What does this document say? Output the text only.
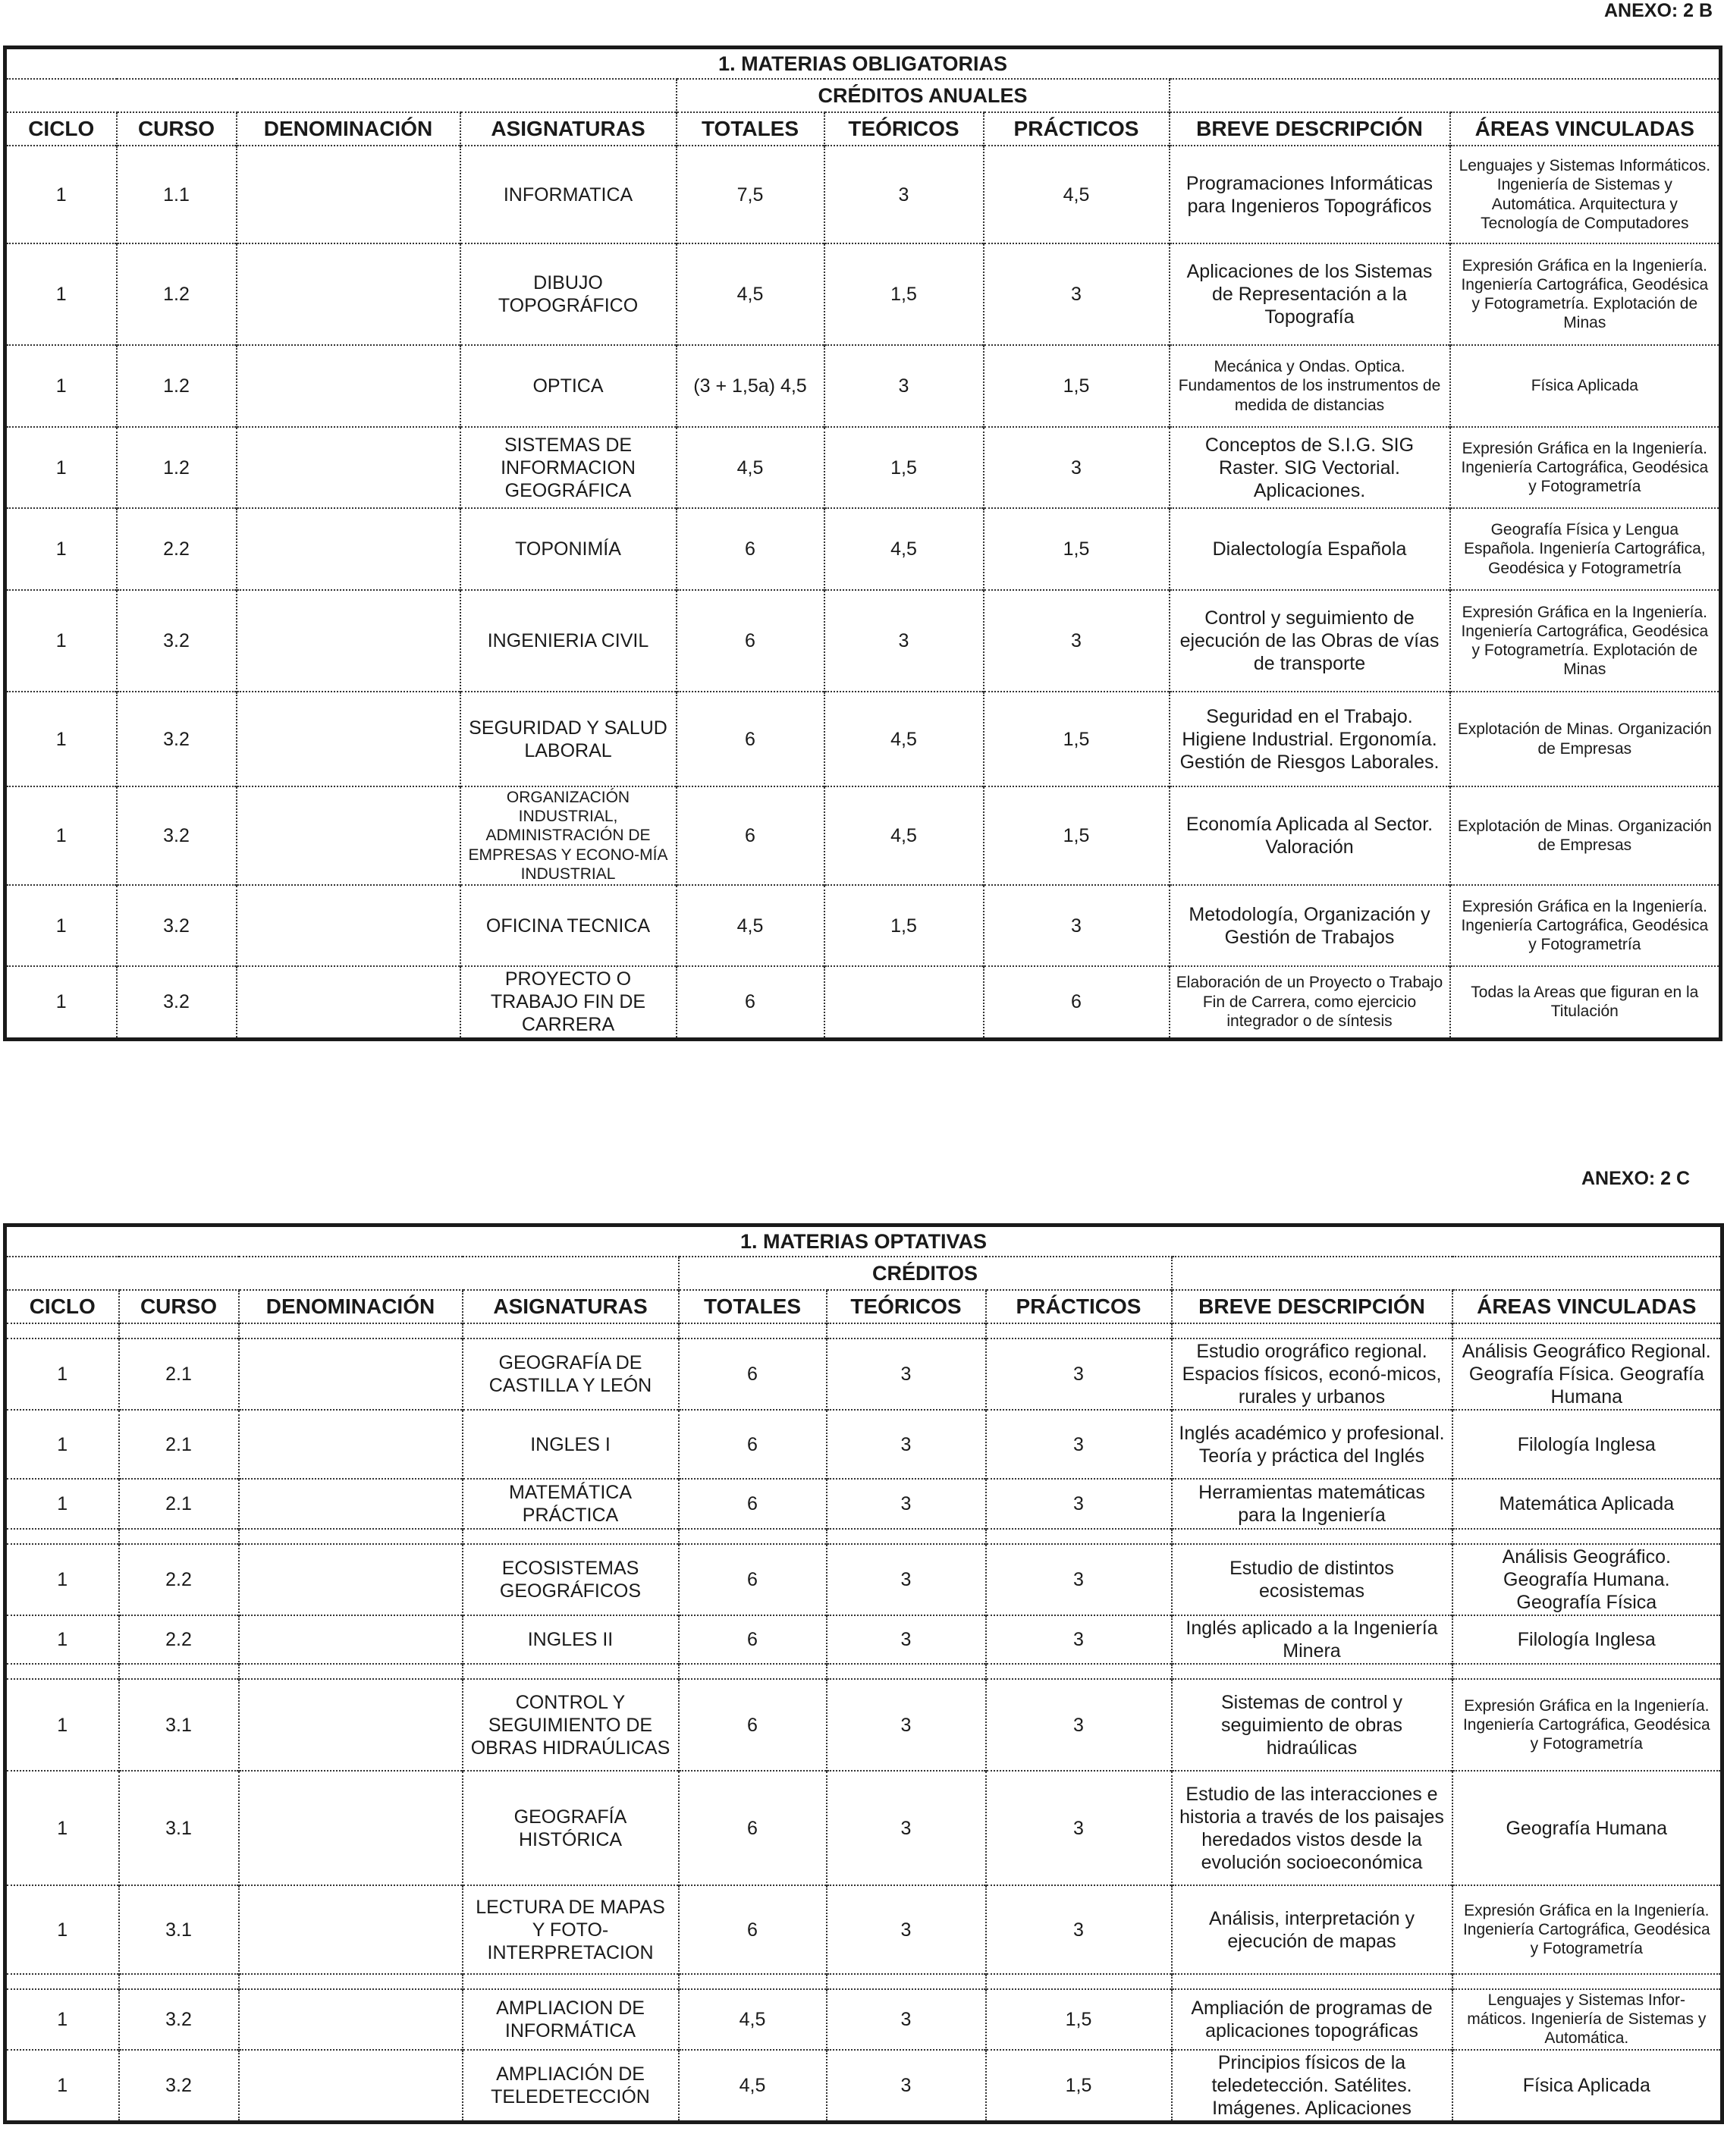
ANEXO: 2 B
1. MATERIAS OBLIGATORIAS								
				CRÉDITOS ANUALES				
CICLO	CURSO	DENOMINACIÓN	ASIGNATURAS	TOTALES	TEÓRICOS	PRÁCTICOS	BREVE DESCRIPCIÓN	ÁREAS VINCULADAS
1	1.1		INFORMATICA	7,5	3	4,5	Programaciones Informáticas para Ingenieros Topográficos	Lenguajes y Sistemas Informáticos. Ingeniería de Sistemas y Automática. Arquitectura y Tecnología de Computadores
1	1.2		DIBUJO TOPOGRÁFICO	4,5	1,5	3	Aplicaciones de los Sistemas de Representación a la Topografía	Expresión Gráfica en la Ingeniería. Ingeniería Cartográfica, Geodésica y Fotogrametría. Explotación de Minas
1	1.2		OPTICA	(3 + 1,5a) 4,5	3	1,5	Mecánica y Ondas. Optica. Fundamentos de los instrumentos de medida de distancias	Física Aplicada
1	1.2		SISTEMAS DE INFORMACION GEOGRÁFICA	4,5	1,5	3	Conceptos de S.I.G. SIG Raster. SIG Vectorial. Aplicaciones.	Expresión Gráfica en la Ingeniería. Ingeniería Cartográfica, Geodésica y Fotogrametría
1	2.2		TOPONIMÍA	6	4,5	1,5	Dialectología Española	Geografía Física y Lengua Española. Ingeniería Cartográfica, Geodésica y Fotogrametría
1	3.2		INGENIERIA CIVIL	6	3	3	Control y seguimiento de ejecución de las Obras de vías de transporte	Expresión Gráfica en la Ingeniería. Ingeniería Cartográfica, Geodésica y Fotogrametría. Explotación de Minas
1	3.2		SEGURIDAD Y SALUD LABORAL	6	4,5	1,5	Seguridad en el Trabajo. Higiene Industrial. Ergonomía. Gestión de Riesgos Laborales.	Explotación de Minas. Organización de Empresas
1	3.2		ORGANIZACIÓN INDUSTRIAL, ADMINISTRACIÓN DE EMPRESAS Y ECONO-MÍA INDUSTRIAL	6	4,5	1,5	Economía Aplicada al Sector. Valoración	Explotación de Minas. Organización de Empresas
1	3.2		OFICINA TECNICA	4,5	1,5	3	Metodología, Organización y Gestión de Trabajos	Expresión Gráfica en la Ingeniería. Ingeniería Cartográfica, Geodésica y Fotogrametría
1	3.2		PROYECTO O TRABAJO FIN DE CARRERA	6		6	Elaboración de un Proyecto o Trabajo Fin de Carrera, como ejercicio integrador o de síntesis	Todas la Areas que figuran en la Titulación
ANEXO: 2 C
1. MATERIAS OPTATIVAS								
				CRÉDITOS				
CICLO	CURSO	DENOMINACIÓN	ASIGNATURAS	TOTALES	TEÓRICOS	PRÁCTICOS	BREVE DESCRIPCIÓN	ÁREAS VINCULADAS

1	2.1		GEOGRAFÍA DE CASTILLA Y LEÓN	6	3	3	Estudio orográfico regional. Espacios físicos, econó-micos, rurales y urbanos	Análisis Geográfico Regional. Geografía Física. Geografía Humana
1	2.1		INGLES I	6	3	3	Inglés académico y profesional. Teoría y práctica del Inglés	Filología Inglesa
1	2.1		MATEMÁTICA PRÁCTICA	6	3	3	Herramientas matemáticas para la Ingeniería	Matemática Aplicada

1	2.2		ECOSISTEMAS GEOGRÁFICOS	6	3	3	Estudio de distintos ecosistemas	Análisis Geográfico. Geografía Humana. Geografía Física
1	2.2		INGLES II	6	3	3	Inglés aplicado a la Ingeniería Minera	Filología Inglesa

1	3.1		CONTROL Y SEGUIMIENTO DE OBRAS HIDRAÚLICAS	6	3	3	Sistemas de control y seguimiento de obras hidraúlicas	Expresión Gráfica en la Ingeniería. Ingeniería Cartográfica, Geodésica y Fotogrametría
1	3.1		GEOGRAFÍA HISTÓRICA	6	3	3	Estudio de las interacciones e historia a través de los paisajes heredados vistos desde la evolución socioeconómica	Geografía Humana
1	3.1		LECTURA DE MAPAS Y FOTO-INTERPRETACION	6	3	3	Análisis, interpretación y ejecución de mapas	Expresión Gráfica en la Ingeniería. Ingeniería Cartográfica, Geodésica y Fotogrametría

1	3.2		AMPLIACION DE INFORMÁTICA	4,5	3	1,5	Ampliación de programas de aplicaciones topográficas	Lenguajes y Sistemas Infor-máticos. Ingeniería de Sistemas y Automática.
1	3.2		AMPLIACIÓN DE TELEDETECCIÓN	4,5	3	1,5	Principios físicos de la teledetección. Satélites. Imágenes. Aplicaciones	Física Aplicada
